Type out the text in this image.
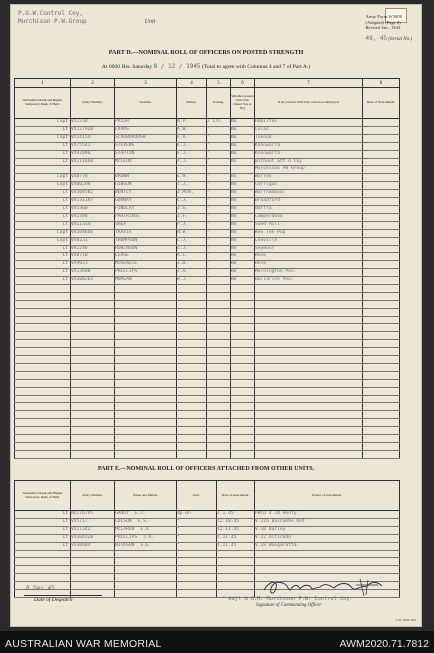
P.O.W.Control Coy,
Murchison P.W.Group	Unit
Army Form W3008
(Adapted) (Page 2)
Revised Jan., 1943
49, 45 (Serial No.)
PART D.—NOMINAL ROLL OF OFFICERS ON POSTED STRENGTH
At 0600 Hrs. Saturday 8 / 12 / 1945 (Total to agree with Columns 4 and 7 of Part A.)
1	2	3	4	5	6	7	8
Substantive Rank and Higher Temporary Rank, if Held.	Army Number.	Surname.	Initials.	Posting.	Whether present with Unit. (Insert Yes or No)	If not present with Unit, state how employed.	Date of Detachment.
Capt	VX2330	PRIOR	N.P.	2 I/C	No	Hamilton	
Lt	VX127920	EVANS	A.W.	"	No	Colac	
Capt	VX14154	SCARBOROUGH	E.R.	"	No	Tokook	
Lt	VX75541	STEVENS	E.J.	"	No	Koonwarra	
Lt	VX92096	STAPTON	E.J.	"	No	Koonwarra	
Lt	VX111660	McLEOD	J.J.	"	No	Without att A Coy	
						Murchison PW Group	
Capt	VX8778	BROWN	E.W.	"	No	Warren	
Capt	VX80208	GIBSON	T.J.	"	No	Corrigan	
Lt	VX104582	BENTLY	J.McN.	"	No	Warrnambool	
Lt	VX131187	GORWAY	C.J.	"	No	Broadford	
Lt	VX5360	FINDLAY	J.G.	"	No	Naffra	
Lt	VX2348	PARTRIDGE	J.F.	"	No	Camperdown	
Lt	VX11314	SHEA	P.J.	"	No	Sand Hill	
Capt	VX104666	TRAVIS	H.B.	"	No	Kee Tee Pup	
Capt	VX8231	THOMPSON	L.J.	"	No	Leaville	
Lt	VX2246	ROBINSON	E.J.	"	No	Seymour	
Lt	VX8718	LEASE	A.L.	"	No	Rose	
Lt	VX9023	McKENZIE	J.D.	"	No	Rose	
Lt	VX13608	PHILLIPS	J.A.	"	No	Mornington Pen.	
Lt	VX108263	MORGAN	B.J.	"	No	Ballarine Pen.	

PART E.—NOMINAL ROLL OF OFFICERS ATTACHED FROM OTHER UNITS.
Substantive Rank and Higher Temporary Rank, if Held.	Army Number.	Name and Initials.	Unit.	Date of Attachment.	Nature of Attachment.
Lt	NX176795	GARDY E.J.	Op Bn	2.1.45	PWCO V.10 Henty
Lt	VX5717	COLSON E.S.	"	12.10.45	V.22a Balcombe Det
Lt	VX11342	McLAREN E.A.	"	12.11.45	V.10 Barley
Lt	VX104328	PHILLIPS J.A.	"	1.11.45	V.22 Alticodo
Lt	VX10604	NICKSON S.E.	"	1.11.45	V.18 Wangaratta.

8 Dec 45
Date of Despatch	" Adjt & Q.M. Murchison P.W. Control Coy.
Signature of Commanding Officer
A.W. 3008 3/45
AUSTRALIAN WAR MEMORIAL	AWM2020.71.7812
